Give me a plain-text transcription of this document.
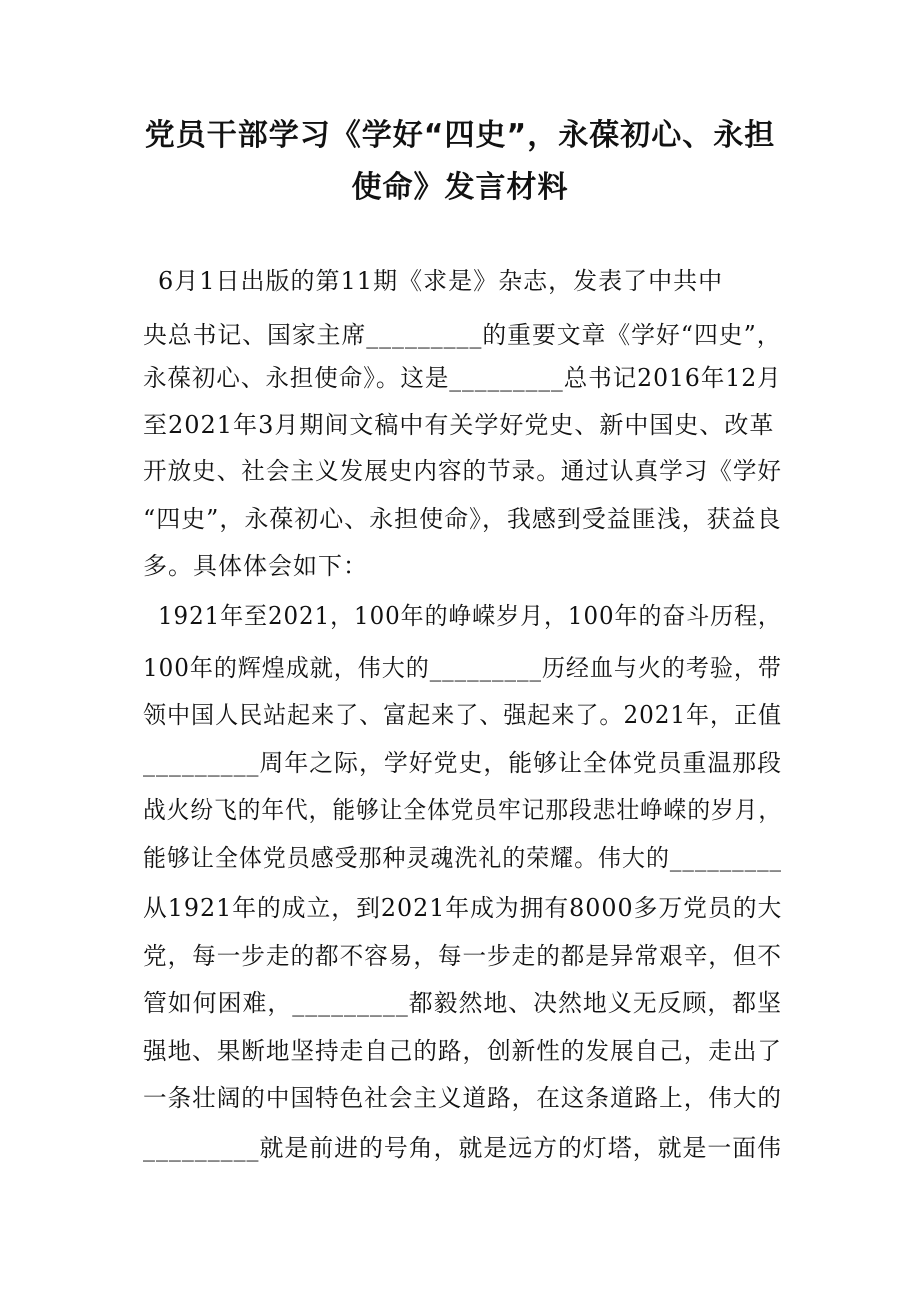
党员干部学习《学好“四史”，永葆初心、永担
使命》发言材料
6月1日出版的第11期《求是》杂志，发表了中共中
央总书记、国家主席_________的重要文章《学好“四史”，
永葆初心、永担使命》。这是_________总书记2016年12月
至2021年3月期间文稿中有关学好党史、新中国史、改革
开放史、社会主义发展史内容的节录。通过认真学习《学好
“四史”，永葆初心、永担使命》，我感到受益匪浅，获益良
多。具体体会如下：
1921年至2021，100年的峥嵘岁月，100年的奋斗历程，
100年的辉煌成就，伟大的_________历经血与火的考验，带
领中国人民站起来了、富起来了、强起来了。2021年，正值
_________周年之际，学好党史，能够让全体党员重温那段
战火纷飞的年代，能够让全体党员牢记那段悲壮峥嵘的岁月，
能够让全体党员感受那种灵魂洗礼的荣耀。伟大的_________
从1921年的成立，到2021年成为拥有8000多万党员的大
党，每一步走的都不容易，每一步走的都是异常艰辛，但不
管如何困难，_________都毅然地、决然地义无反顾，都坚
强地、果断地坚持走自己的路，创新性的发展自己，走出了
一条壮阔的中国特色社会主义道路，在这条道路上，伟大的
_________就是前进的号角，就是远方的灯塔，就是一面伟
